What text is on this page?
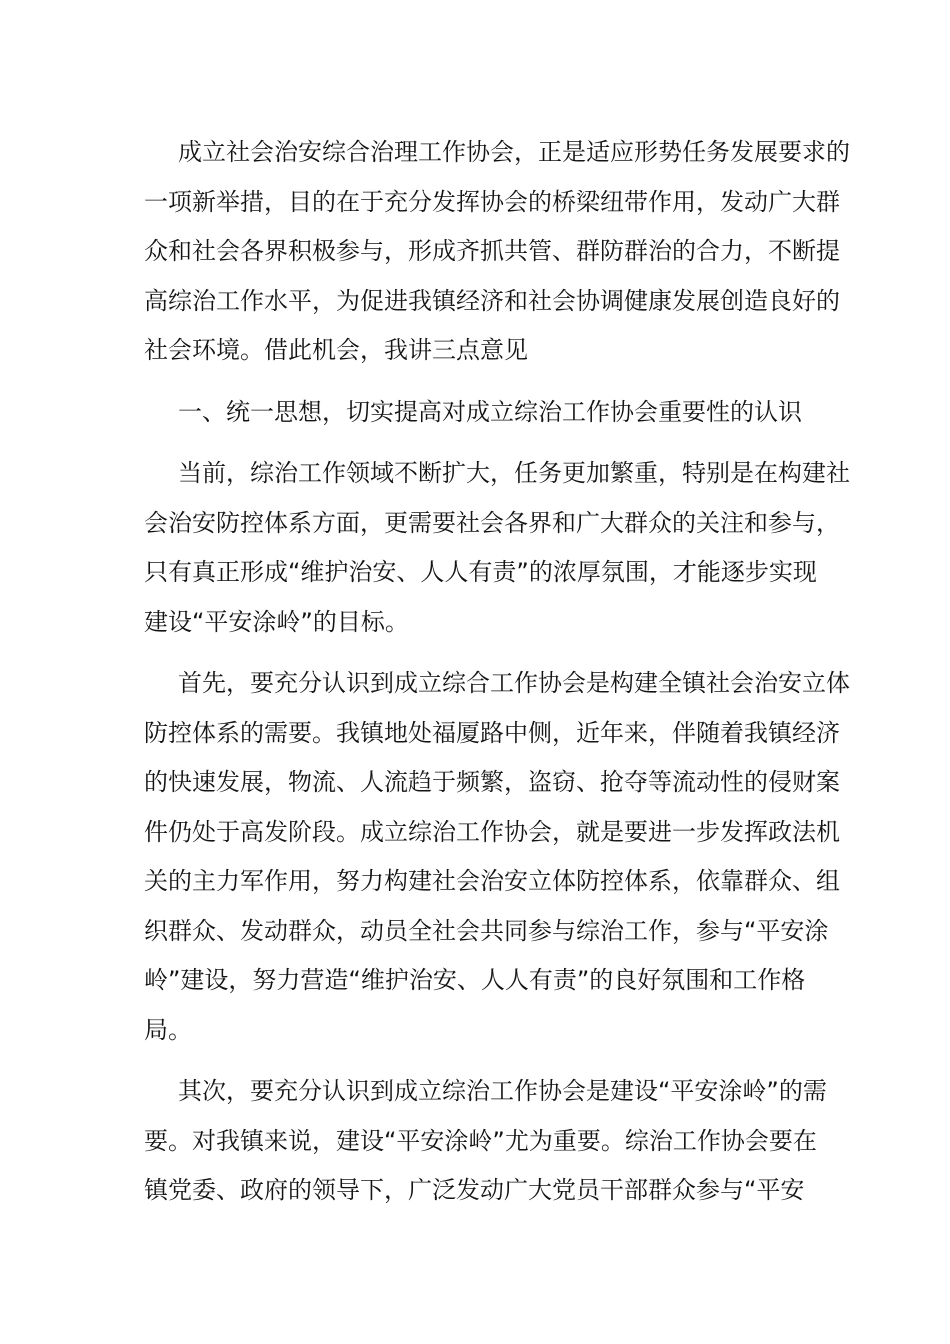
成立社会治安综合治理工作协会，正是适应形势任务发展要求的
一项新举措，目的在于充分发挥协会的桥梁纽带作用，发动广大群
众和社会各界积极参与，形成齐抓共管、群防群治的合力，不断提
高综治工作水平，为促进我镇经济和社会协调健康发展创造良好的
社会环境。借此机会，我讲三点意见
一、统一思想，切实提高对成立综治工作协会重要性的认识
当前，综治工作领域不断扩大，任务更加繁重，特别是在构建社
会治安防控体系方面，更需要社会各界和广大群众的关注和参与，
只有真正形成“维护治安、人人有责”的浓厚氛围，才能逐步实现
建设“平安涂岭”的目标。
首先，要充分认识到成立综合工作协会是构建全镇社会治安立体
防控体系的需要。我镇地处福厦路中侧，近年来，伴随着我镇经济
的快速发展，物流、人流趋于频繁，盗窃、抢夺等流动性的侵财案
件仍处于高发阶段。成立综治工作协会，就是要进一步发挥政法机
关的主力军作用，努力构建社会治安立体防控体系，依靠群众、组
织群众、发动群众，动员全社会共同参与综治工作，参与“平安涂
岭”建设，努力营造“维护治安、人人有责”的良好氛围和工作格
局。
其次，要充分认识到成立综治工作协会是建设“平安涂岭”的需
要。对我镇来说，建设“平安涂岭”尤为重要。综治工作协会要在
镇党委、政府的领导下，广泛发动广大党员干部群众参与“平安
